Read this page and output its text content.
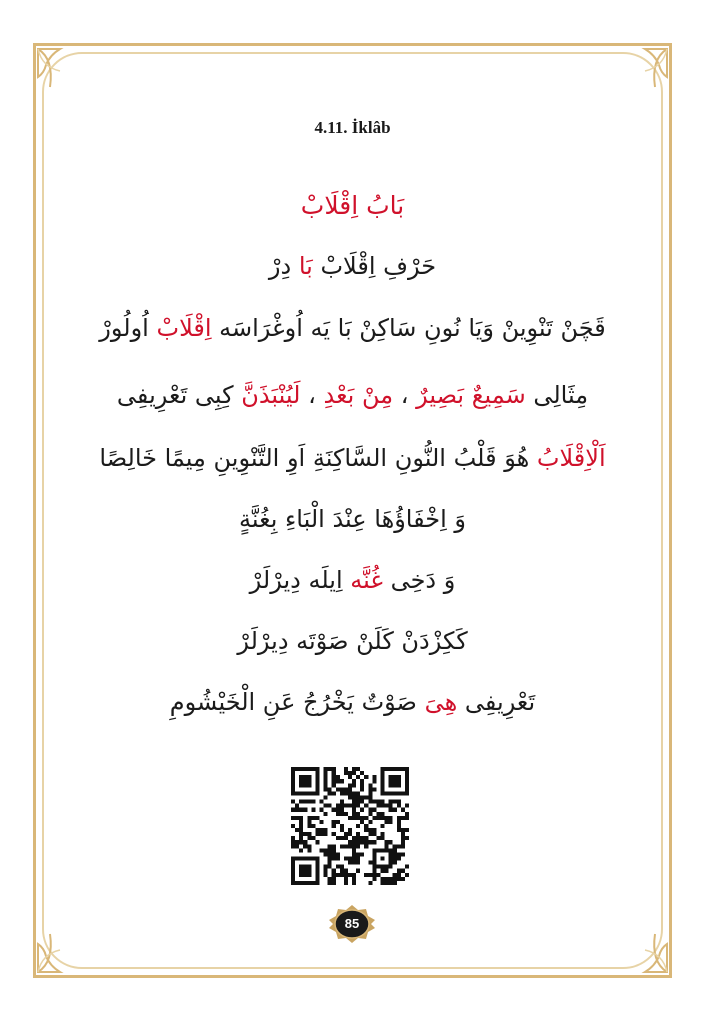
4.11. İklâb
بَابُ اِقْلَابْ
حَرْفِ اِقْلَابْ بَا دِرْ
قَچَنْ تَنْوِينْ وَيَا نُونِ سَاكِنْ بَا يَه اُوغْرَاسَه اِقْلَابْ اُولُورْ
مِثَالِى سَمِيعٌ بَصِيرٌ ، مِنْ بَعْدِ ، لَيُنْبَذَنَّ كِبِى تَعْرِيفِى
اَلْاِقْلَابُ هُوَ قَلْبُ النُّونِ السَّاكِنَةِ اَوِ التَّنْوِينِ مِيمًا خَالِصًا
وَ اِخْفَاؤُهَا عِنْدَ الْبَاءِ بِغُنَّةٍ
وَ دَخِى غُنَّه اِيلَه دِيرْلَرْ
كَكِزْدَنْ كَلَنْ صَوْتَه دِيرْلَرْ
تَعْرِيفِى هِىَ صَوْتٌ يَخْرُجُ عَنِ الْخَيْشُومِ
85
